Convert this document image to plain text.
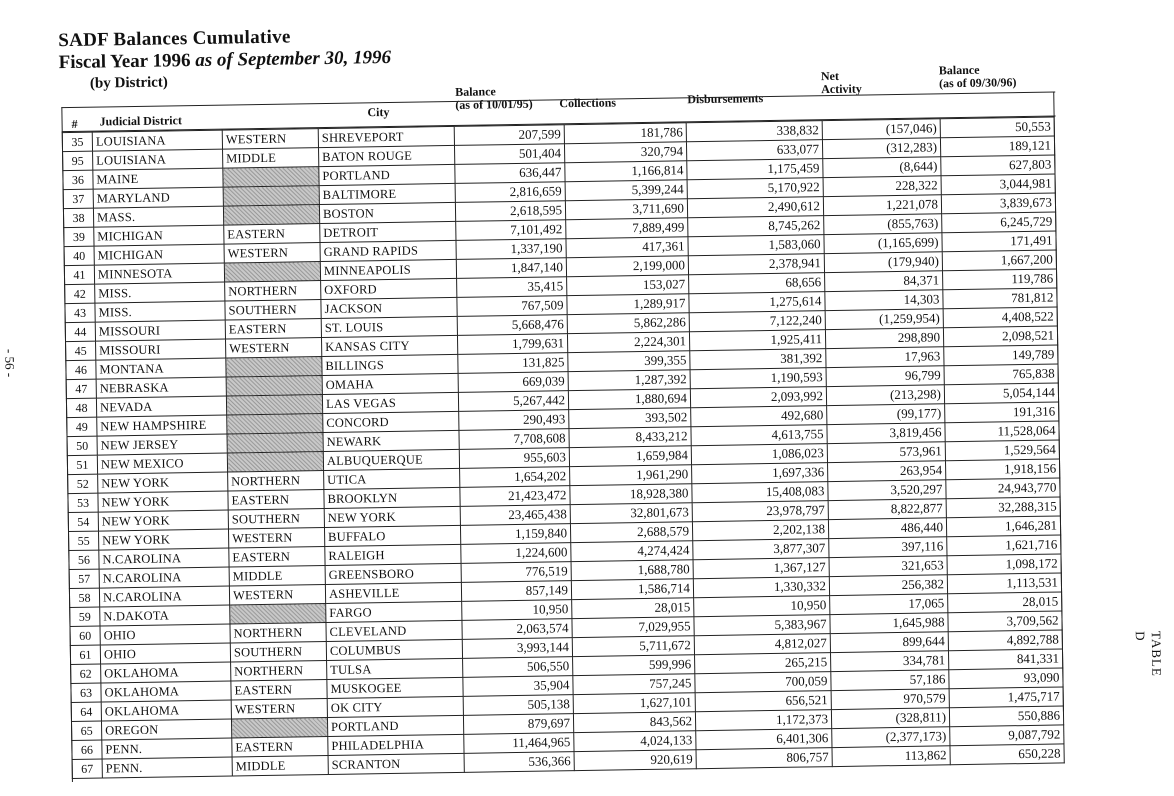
SADF Balances Cumulative
Fiscal Year 1996 as of September 30, 1996
(by District)
# Judicial District
City
Balance
(as of 10/01/95)	Collections	Disbursements
Net
Activity
Balance
(as of 09/30/96)
35	LOUISIANA	WESTERN	SHREVEPORT	207,599	181,786	338,832	(157,046)	50,553
95	LOUISIANA	MIDDLE	BATON ROUGE	501,404	320,794	633,077	(312,283)	189,121
36	MAINE		PORTLAND	636,447	1,166,814	1,175,459	(8,644)	627,803
37	MARYLAND		BALTIMORE	2,816,659	5,399,244	5,170,922	228,322	3,044,981
38	MASS.		BOSTON	2,618,595	3,711,690	2,490,612	1,221,078	3,839,673
39	MICHIGAN	EASTERN	DETROIT	7,101,492	7,889,499	8,745,262	(855,763)	6,245,729
40	MICHIGAN	WESTERN	GRAND RAPIDS	1,337,190	417,361	1,583,060	(1,165,699)	171,491
41	MINNESOTA		MINNEAPOLIS	1,847,140	2,199,000	2,378,941	(179,940)	1,667,200
42	MISS.	NORTHERN	OXFORD	35,415	153,027	68,656	84,371	119,786
43	MISS.	SOUTHERN	JACKSON	767,509	1,289,917	1,275,614	14,303	781,812
44	MISSOURI	EASTERN	ST. LOUIS	5,668,476	5,862,286	7,122,240	(1,259,954)	4,408,522
45	MISSOURI	WESTERN	KANSAS CITY	1,799,631	2,224,301	1,925,411	298,890	2,098,521
46	MONTANA		BILLINGS	131,825	399,355	381,392	17,963	149,789
47	NEBRASKA		OMAHA	669,039	1,287,392	1,190,593	96,799	765,838
48	NEVADA		LAS VEGAS	5,267,442	1,880,694	2,093,992	(213,298)	5,054,144
49	NEW HAMPSHIRE		CONCORD	290,493	393,502	492,680	(99,177)	191,316
50	NEW JERSEY		NEWARK	7,708,608	8,433,212	4,613,755	3,819,456	11,528,064
51	NEW MEXICO		ALBUQUERQUE	955,603	1,659,984	1,086,023	573,961	1,529,564
52	NEW YORK	NORTHERN	UTICA	1,654,202	1,961,290	1,697,336	263,954	1,918,156
53	NEW YORK	EASTERN	BROOKLYN	21,423,472	18,928,380	15,408,083	3,520,297	24,943,770
54	NEW YORK	SOUTHERN	NEW YORK	23,465,438	32,801,673	23,978,797	8,822,877	32,288,315
55	NEW YORK	WESTERN	BUFFALO	1,159,840	2,688,579	2,202,138	486,440	1,646,281
56	N.CAROLINA	EASTERN	RALEIGH	1,224,600	4,274,424	3,877,307	397,116	1,621,716
57	N.CAROLINA	MIDDLE	GREENSBORO	776,519	1,688,780	1,367,127	321,653	1,098,172
58	N.CAROLINA	WESTERN	ASHEVILLE	857,149	1,586,714	1,330,332	256,382	1,113,531
59	N.DAKOTA		FARGO	10,950	28,015	10,950	17,065	28,015
60	OHIO	NORTHERN	CLEVELAND	2,063,574	7,029,955	5,383,967	1,645,988	3,709,562
61	OHIO	SOUTHERN	COLUMBUS	3,993,144	5,711,672	4,812,027	899,644	4,892,788
62	OKLAHOMA	NORTHERN	TULSA	506,550	599,996	265,215	334,781	841,331
63	OKLAHOMA	EASTERN	MUSKOGEE	35,904	757,245	700,059	57,186	93,090
64	OKLAHOMA	WESTERN	OK CITY	505,138	1,627,101	656,521	970,579	1,475,717
65	OREGON		PORTLAND	879,697	843,562	1,172,373	(328,811)	550,886
66	PENN.	EASTERN	PHILADELPHIA	11,464,965	4,024,133	6,401,306	(2,377,173)	9,087,792
67	PENN.	MIDDLE	SCRANTON	536,366	920,619	806,757	113,862	650,228
- 56 -
TABLE D
